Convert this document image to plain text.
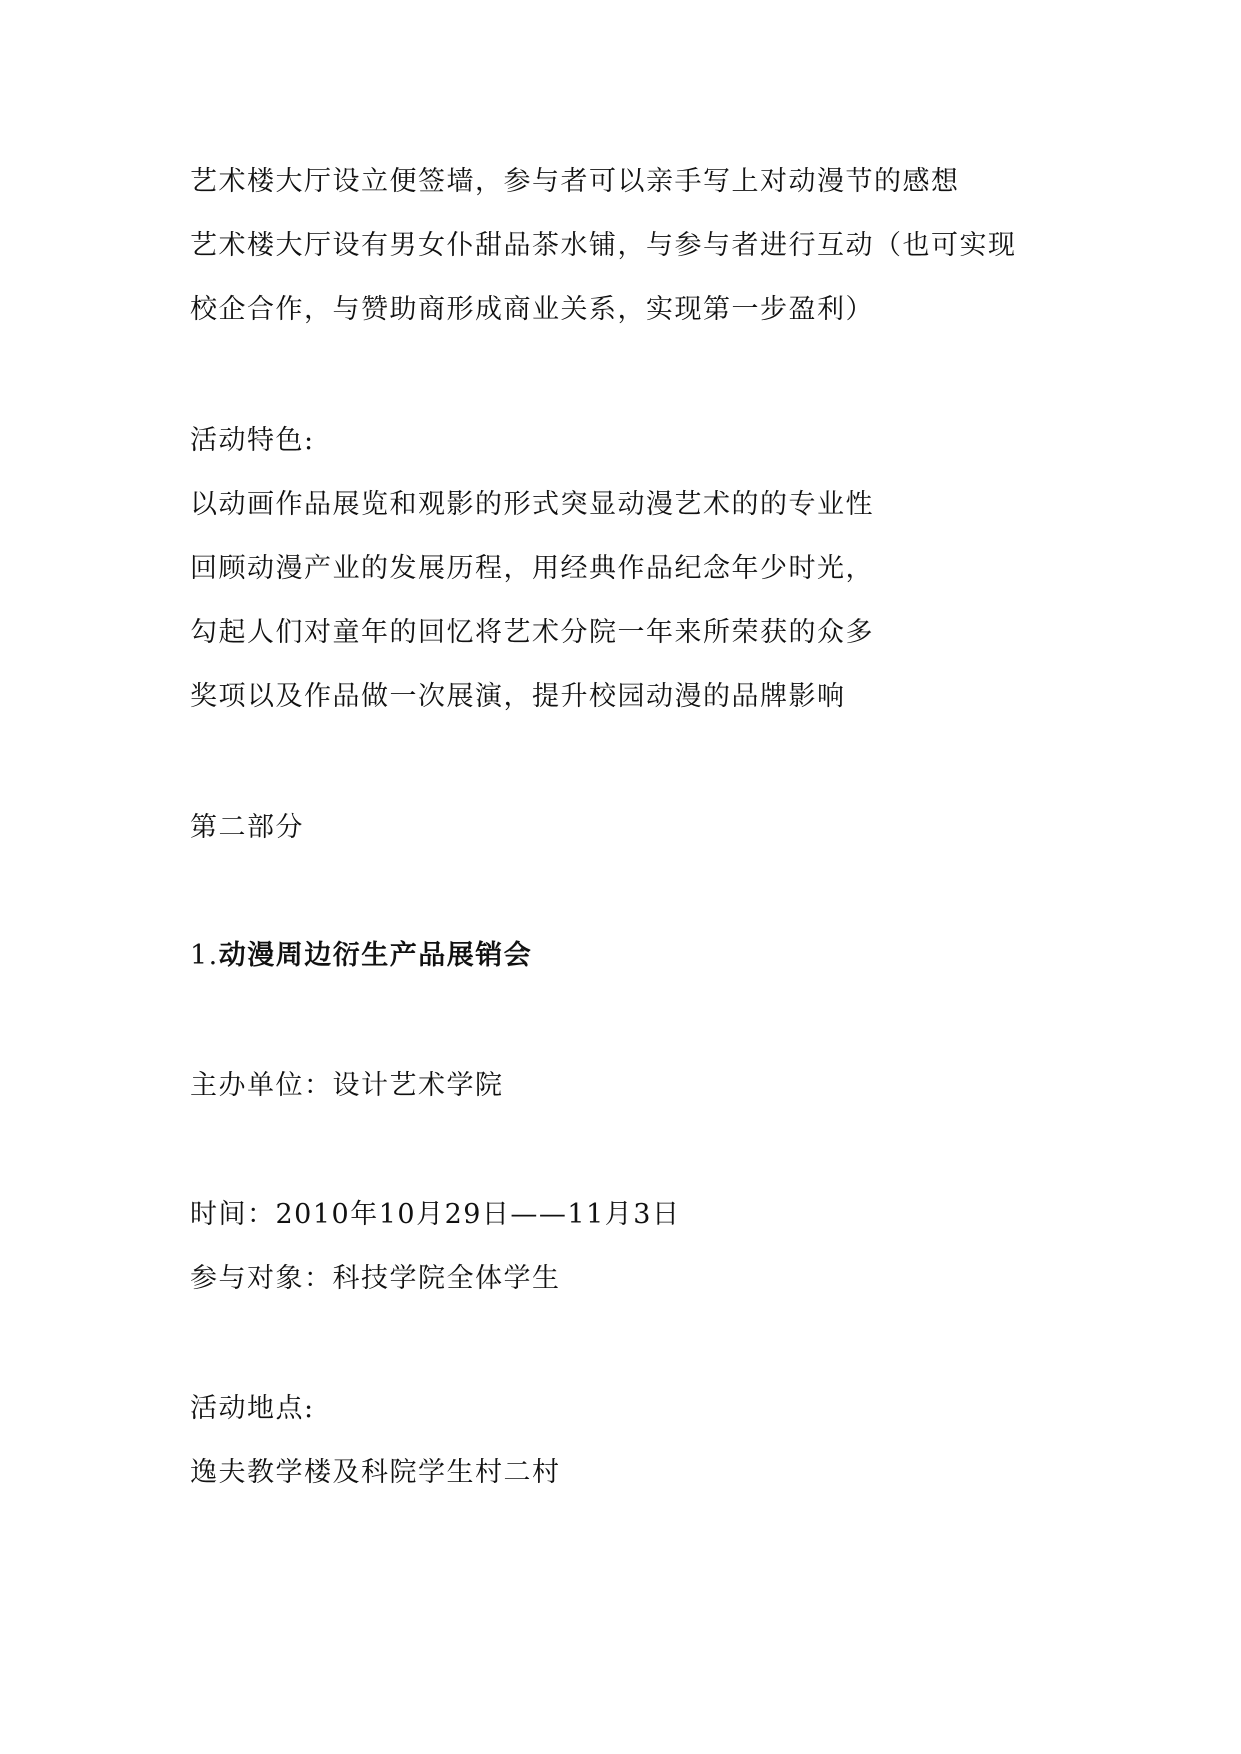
艺术楼大厅设立便签墙，参与者可以亲手写上对动漫节的感想
艺术楼大厅设有男女仆甜品茶水铺，与参与者进行互动（也可实现
校企合作，与赞助商形成商业关系，实现第一步盈利）
活动特色:
以动画作品展览和观影的形式突显动漫艺术的的专业性
回顾动漫产业的发展历程，用经典作品纪念年少时光，
勾起人们对童年的回忆将艺术分院一年来所荣获的众多
奖项以及作品做一次展演，提升校园动漫的品牌影响
第二部分
1.动漫周边衍生产品展销会
主办单位：设计艺术学院
时间：2010年10月29日——11月3日
参与对象：科技学院全体学生
活动地点:
逸夫教学楼及科院学生村二村
